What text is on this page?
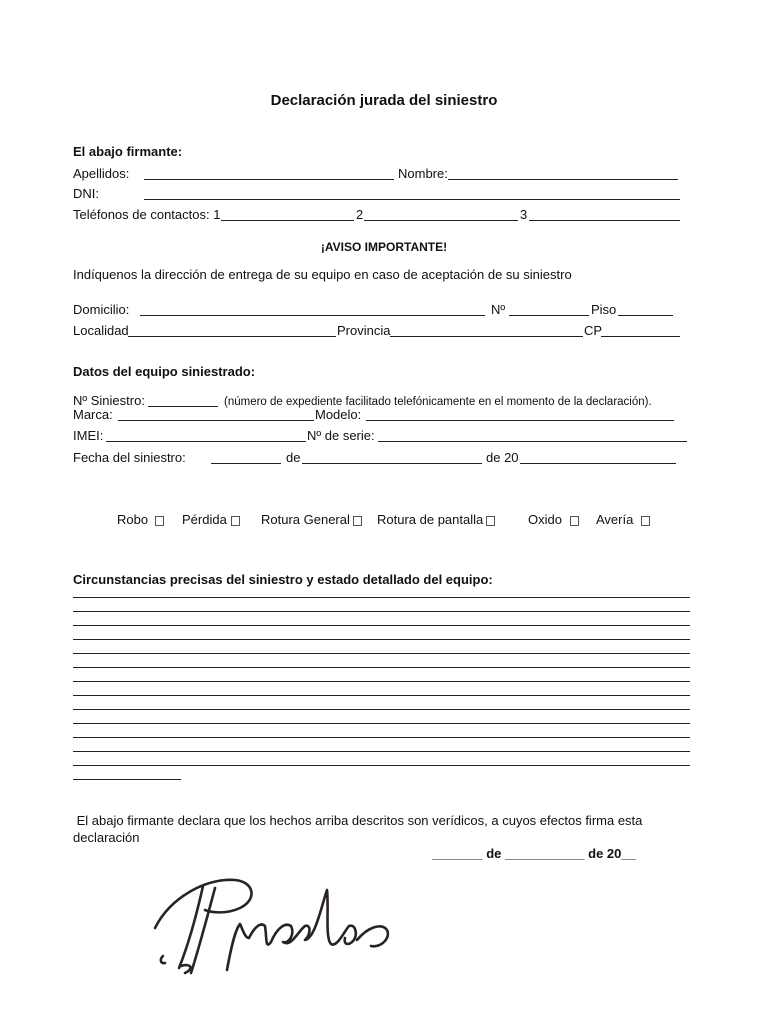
Declaración jurada del siniestro
El abajo firmante:
Apellidos:	Nombre:
DNI:
Teléfonos de contactos: 1	2	3
¡AVISO IMPORTANTE!
Indíquenos la dirección de entrega de su equipo en caso de aceptación de su siniestro
Domicilio:	Nº	Piso
Localidad	Provincia	CP
Datos del equipo siniestrado:
Nº Siniestro:	(número de expediente facilitado telefónicamente en el momento de la declaración).
Marca:	Modelo:
IMEI:	Nº de serie:
Fecha del siniestro:	de	de 20
Robo	Pérdida	Rotura General Rotura de pantalla	Oxido	Avería
Circunstancias precisas del siniestro y estado detallado del equipo:
El abajo firmante declara que los hechos arriba descritos son verídicos, a cuyos efectos firma esta
declaración
_______ de ___________ de 20__
